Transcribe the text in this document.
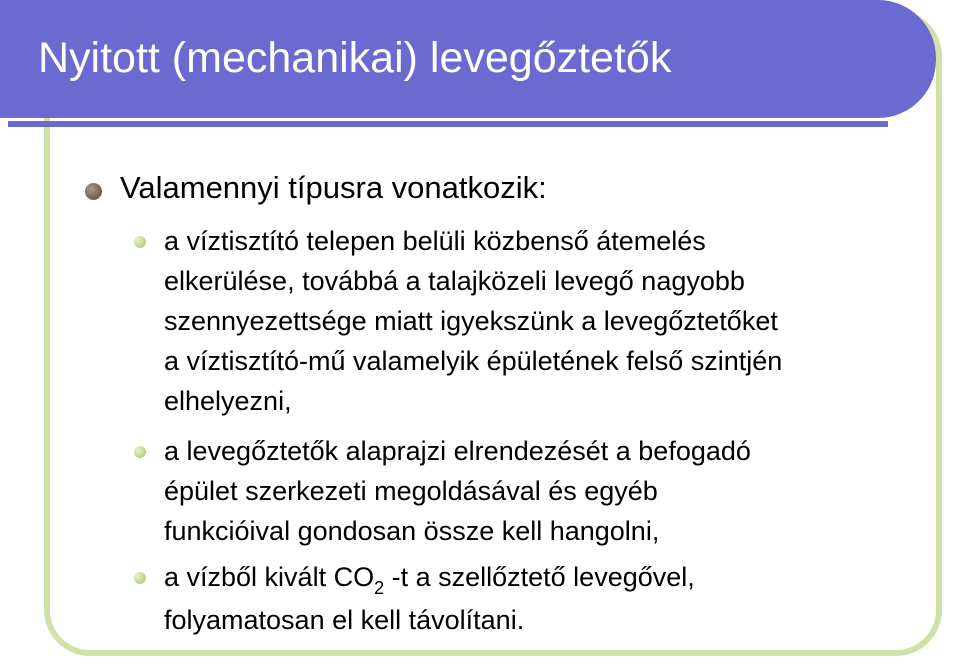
Nyitott (mechanikai) levegőztetők
Valamennyi típusra vonatkozik:
a víztisztító telepen belüli közbenső átemelés
elkerülése, továbbá a talajközeli levegő nagyobb
szennyezettsége miatt igyekszünk a levegőztetőket
a víztisztító-mű valamelyik épületének felső szintjén
elhelyezni,
a levegőztetők alaprajzi elrendezését a befogadó
épület szerkezeti megoldásával és egyéb
funkcióival gondosan össze kell hangolni,
a vízből kivált $CO_2$ -t a szellőztető levegővel,
folyamatosan el kell távolítani.
